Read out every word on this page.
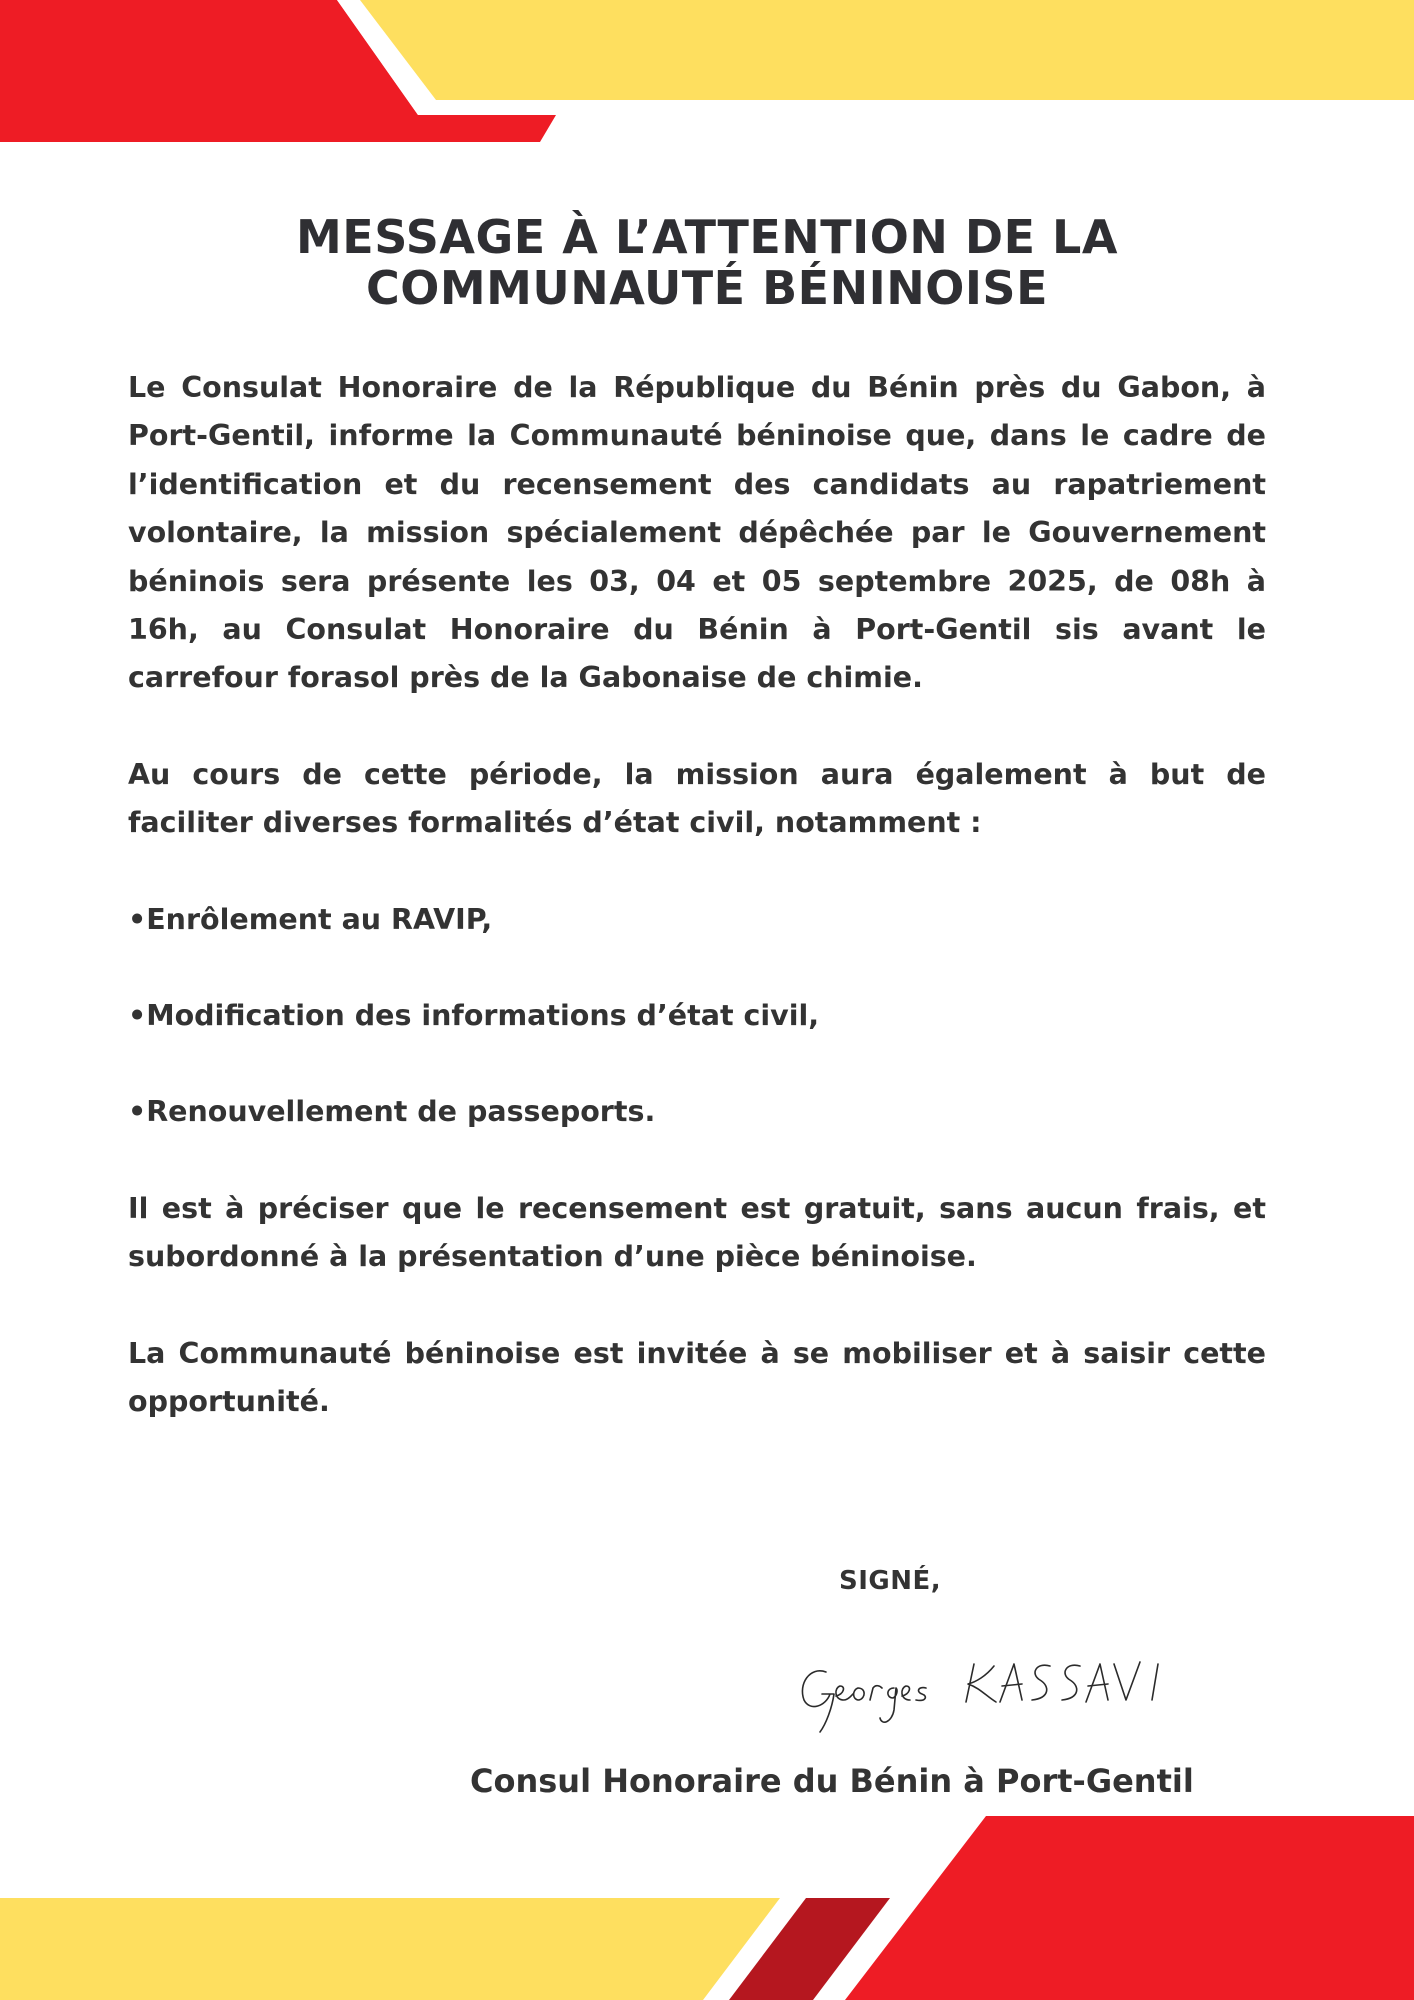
MESSAGE À L’ATTENTION DE LA
COMMUNAUTÉ BÉNINOISE

Le Consulat Honoraire de la République du Bénin près du Gabon, à Port-Gentil, informe la Communauté béninoise que, dans le cadre de l’identification et du recensement des candidats au rapatriement volontaire, la mission spécialement dépêchée par le Gouvernement béninois sera présente les 03, 04 et 05 septembre 2025, de 08h à 16h, au Consulat Honoraire du Bénin à Port-Gentil sis avant le carrefour forasol près de la Gabonaise de chimie.

Au cours de cette période, la mission aura également à but de faciliter diverses formalités d’état civil, notamment :

•Enrôlement au RAVIP,

•Modification des informations d’état civil,

•Renouvellement de passeports.

Il est à préciser que le recensement est gratuit, sans aucun frais, et subordonné à la présentation d’une pièce béninoise.

La Communauté béninoise est invitée à se mobiliser et à saisir cette opportunité.

SIGNÉ,
Consul Honoraire du Bénin à Port-Gentil
